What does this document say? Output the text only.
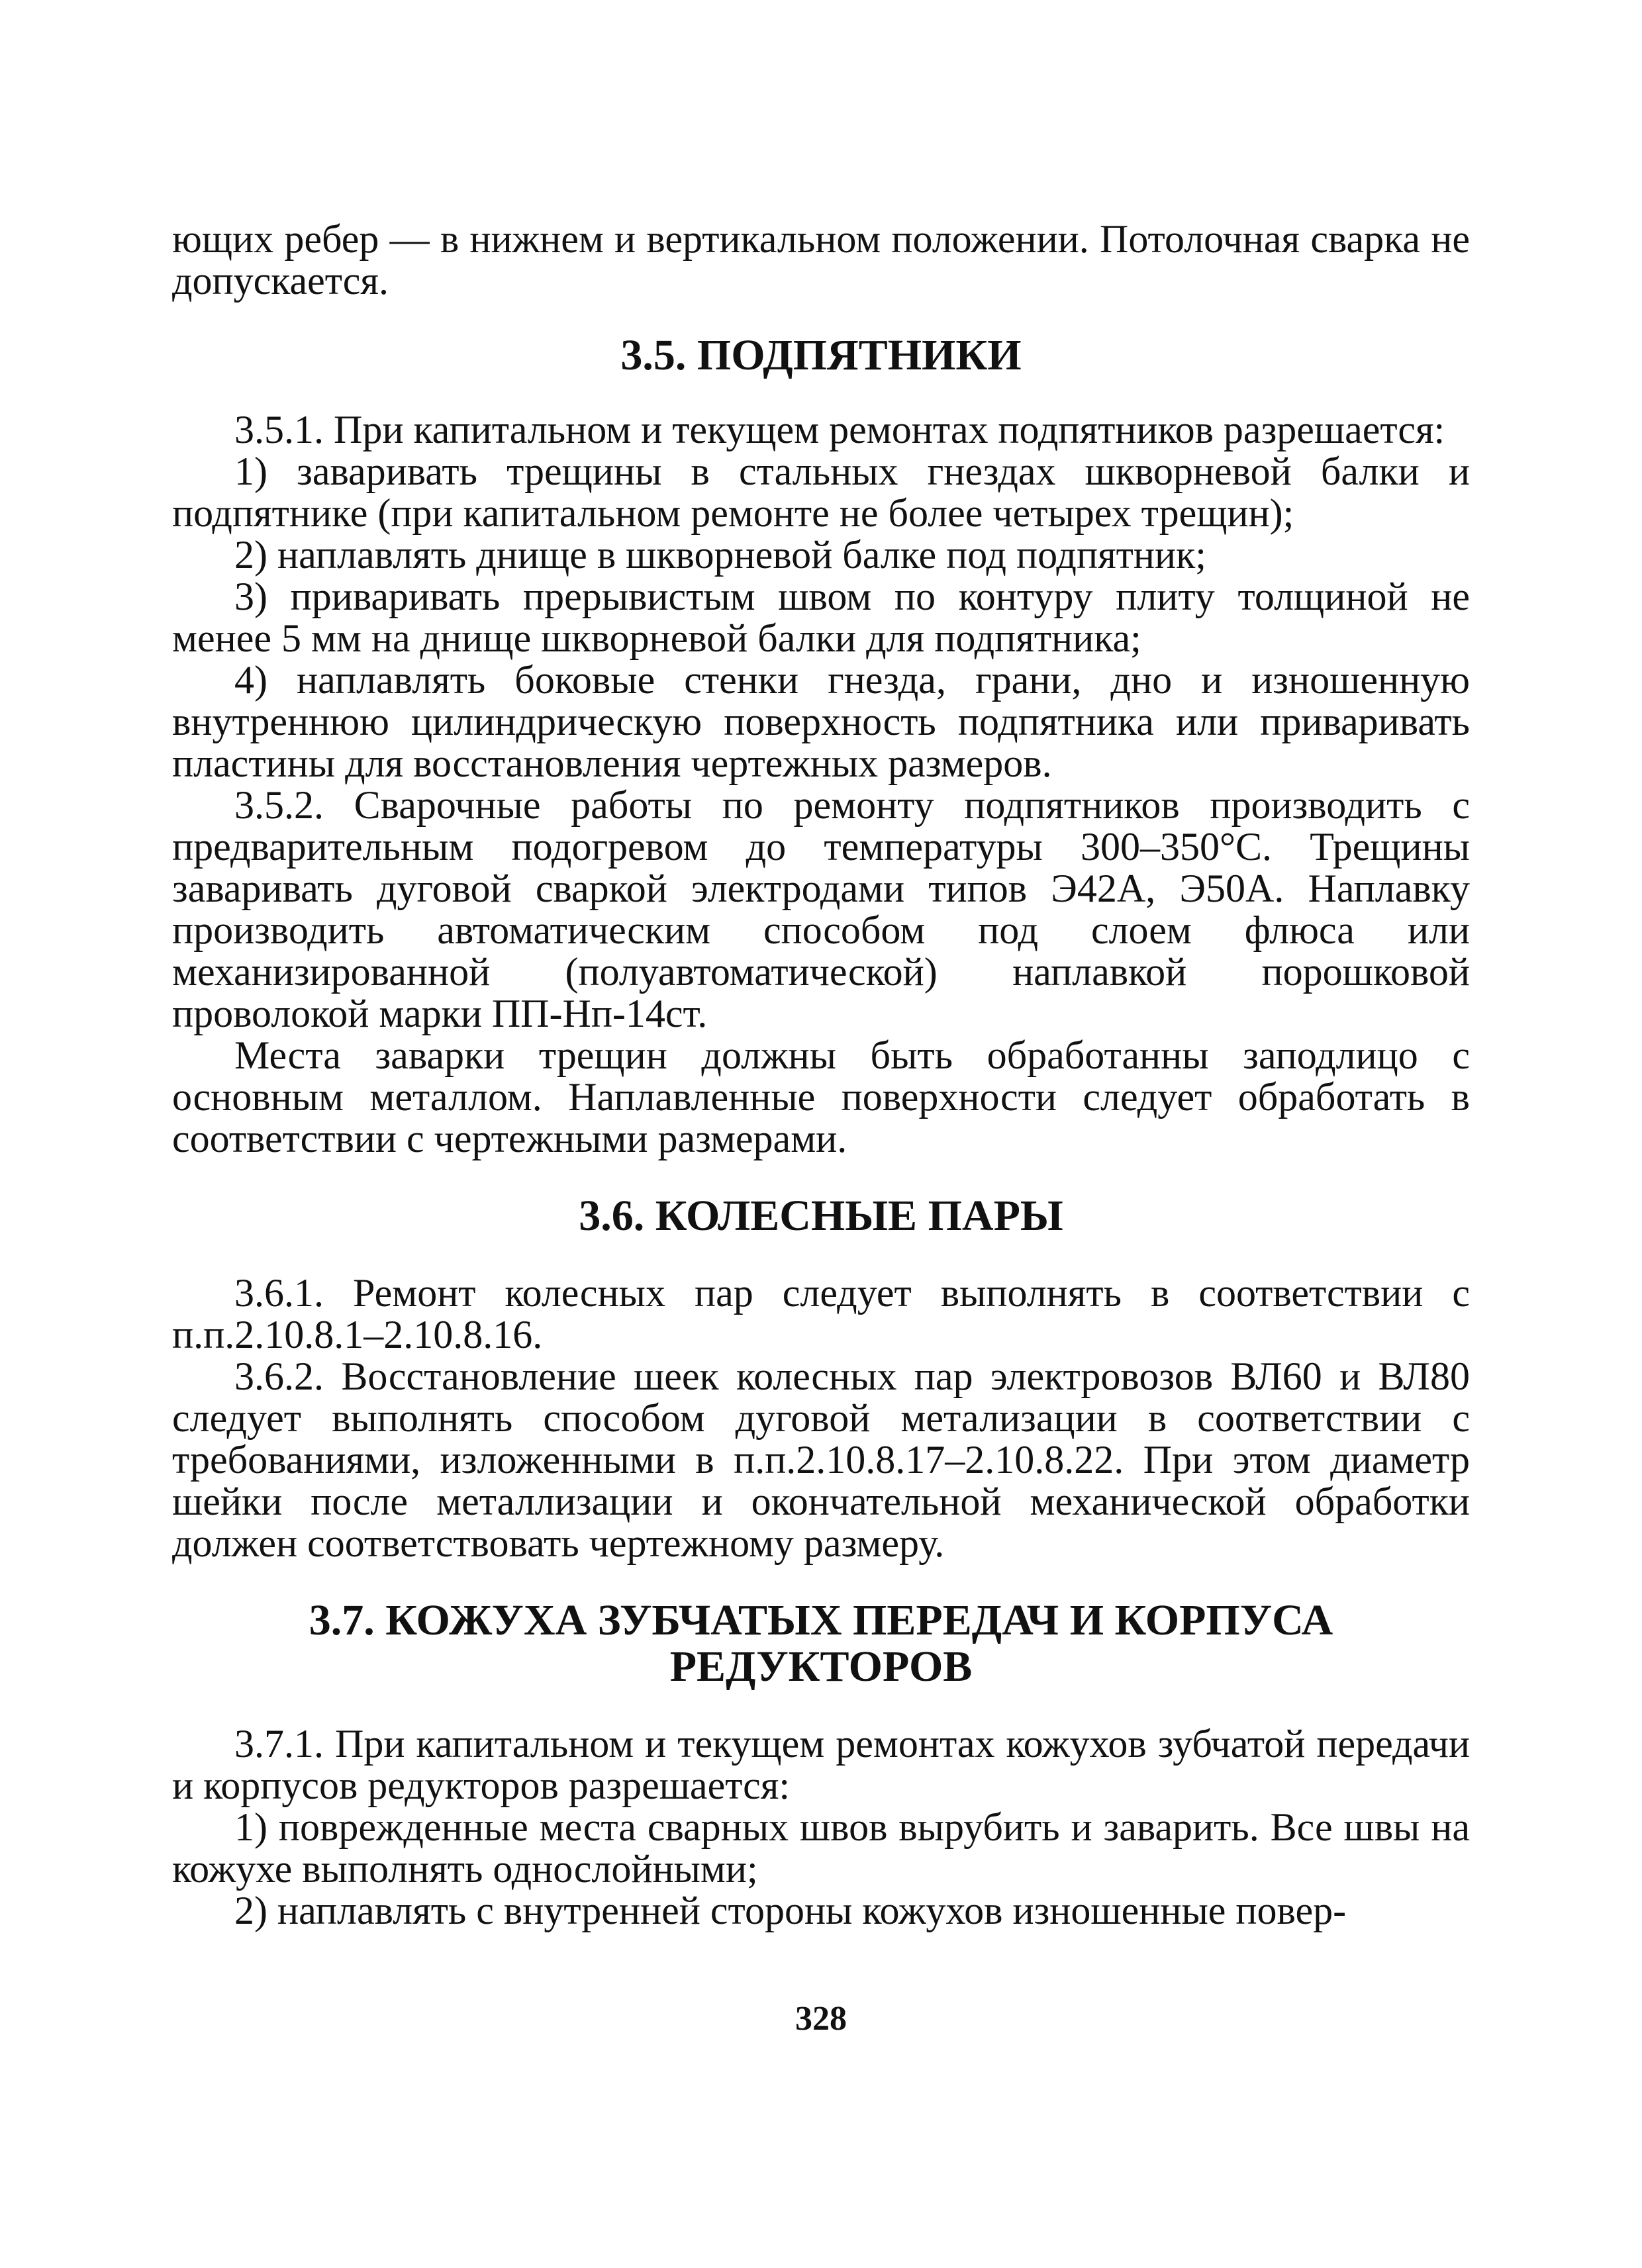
ющих ребер — в нижнем и вертикальном положении. Потолочная сварка не допускается.

3.5. ПОДПЯТНИКИ

3.5.1. При капитальном и текущем ремонтах подпятников разрешается:

1) заваривать трещины в стальных гнездах шкворневой балки и подпятнике (при капитальном ремонте не более четырех трещин);

2) наплавлять днище в шкворневой балке под подпятник;

3) приваривать прерывистым швом по контуру плиту толщиной не менее 5 мм на днище шкворневой балки для подпятника;

4) наплавлять боковые стенки гнезда, грани, дно и изношенную внутреннюю цилиндрическую поверхность подпятника или приваривать пластины для восстановления чертежных размеров.

3.5.2. Сварочные работы по ремонту подпятников производить с предварительным подогревом до температуры 300–350°С. Трещины заваривать дуговой сваркой электродами типов Э42А, Э50А. Наплавку производить автоматическим способом под слоем флюса или механизированной (полуавтоматической) наплавкой порошковой проволокой марки ПП-Нп-14ст.

Места заварки трещин должны быть обработанны заподлицо с основным металлом. Наплавленные поверхности следует обработать в соответствии с чертежными размерами.

3.6. КОЛЕСНЫЕ ПАРЫ

3.6.1. Ремонт колесных пар следует выполнять в соответствии с п.п.2.10.8.1–2.10.8.16.

3.6.2. Восстановление шеек колесных пар электровозов ВЛ60 и ВЛ80 следует выполнять способом дуговой метализации в соответствии с требованиями, изложенными в п.п.2.10.8.17–2.10.8.22. При этом диаметр шейки после металлизации и окончательной механической обработки должен соответствовать чертежному размеру.

3.7. КОЖУХА ЗУБЧАТЫХ ПЕРЕДАЧ И КОРПУСА РЕДУКТОРОВ

3.7.1. При капитальном и текущем ремонтах кожухов зубчатой передачи и корпусов редукторов разрешается:

1) поврежденные места сварных швов вырубить и заварить. Все швы на кожухе выполнять однослойными;

2) наплавлять с внутренней стороны кожухов изношенные повер-

328
